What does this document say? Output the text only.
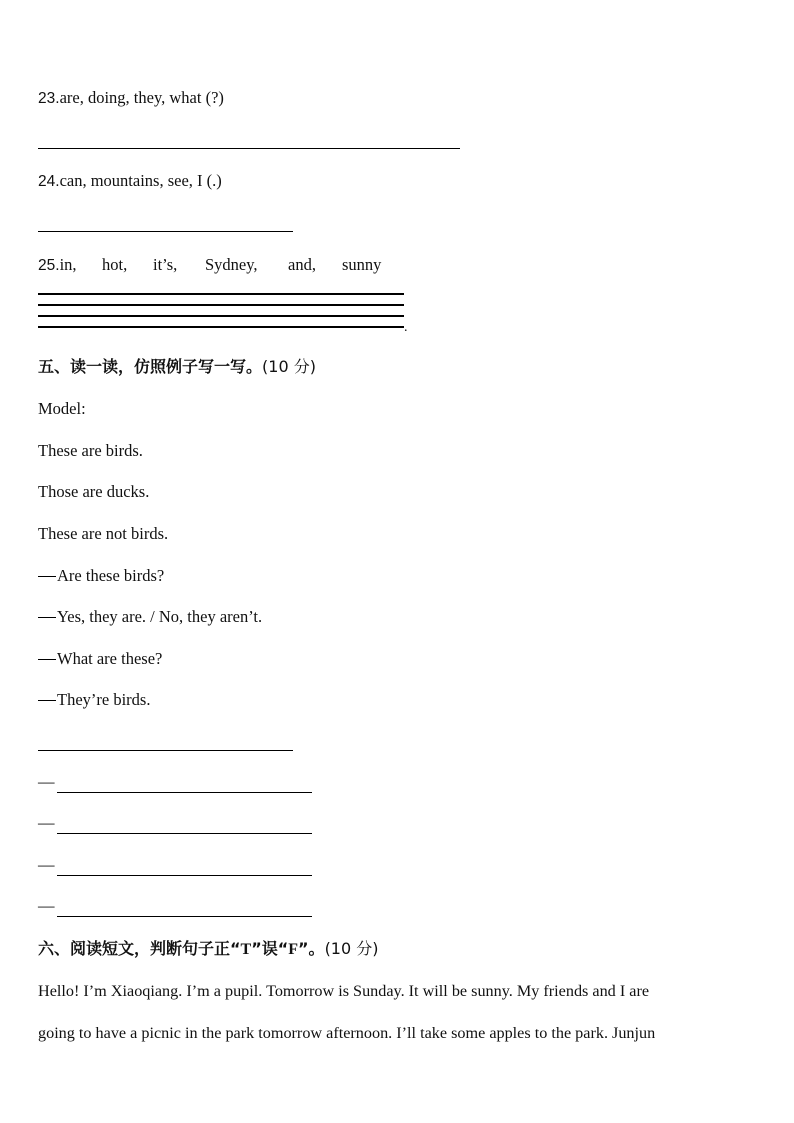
23.are, doing, they, what (?)
24.can, mountains, see, I (.)
25.in, hot, it’s, Sydney, and, sunny
.
五、读一读，仿照例子写一写。(10 分)
Model:
These are birds.
Those are ducks.
These are not birds.
Are these birds?
Yes, they are. / No, they aren’t.
What are these?
They’re birds.
—
—
—
—
六、阅读短文，判断句子正“T”误“F”。(10 分)
Hello! I’m Xiaoqiang. I’m a pupil. Tomorrow is Sunday. It will be sunny. My friends and I are
going to have a picnic in the park tomorrow afternoon. I’ll take some apples to the park. Junjun
